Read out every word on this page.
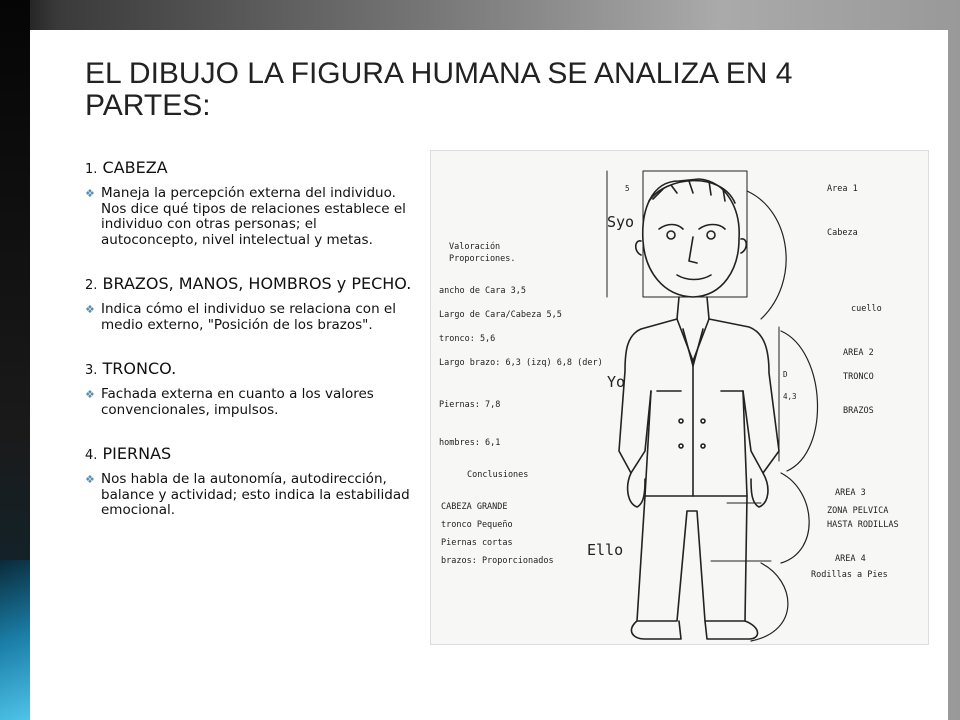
EL DIBUJO LA FIGURA HUMANA SE ANALIZA EN 4 PARTES:
1. CABEZA
❖ Maneja la percepción externa del individuo. Nos dice qué tipos de relaciones establece el individuo con otras personas; el autoconcepto, nivel intelectual y metas.
2. BRAZOS, MANOS, HOMBROS y PECHO.
❖ Indica cómo el individuo se relaciona con el medio externo, "Posición de los brazos".
3. TRONCO.
❖ Fachada externa en cuanto a los valores convencionales, impulsos.
4. PIERNAS
❖ Nos habla de la autonomía, autodirección, balance y actividad; esto indica la estabilidad emocional.
Valoración
Proporciones.
ancho de Cara 3,5
Largo de Cara/Cabeza 5,5
tronco: 5,6
Largo brazo: 6,3 (izq) 6,8 (der)
Piernas: 7,8
hombres: 6,1
Conclusiones
CABEZA GRANDE
tronco Pequeño
Piernas cortas
brazos: Proporcionados
Syo
Yo
Ello
5
D
4,3
Area 1
Cabeza
cuello
AREA 2
TRONCO
BRAZOS
AREA 3
ZONA PELVICA
HASTA RODILLAS
AREA 4
Rodillas a Pies
